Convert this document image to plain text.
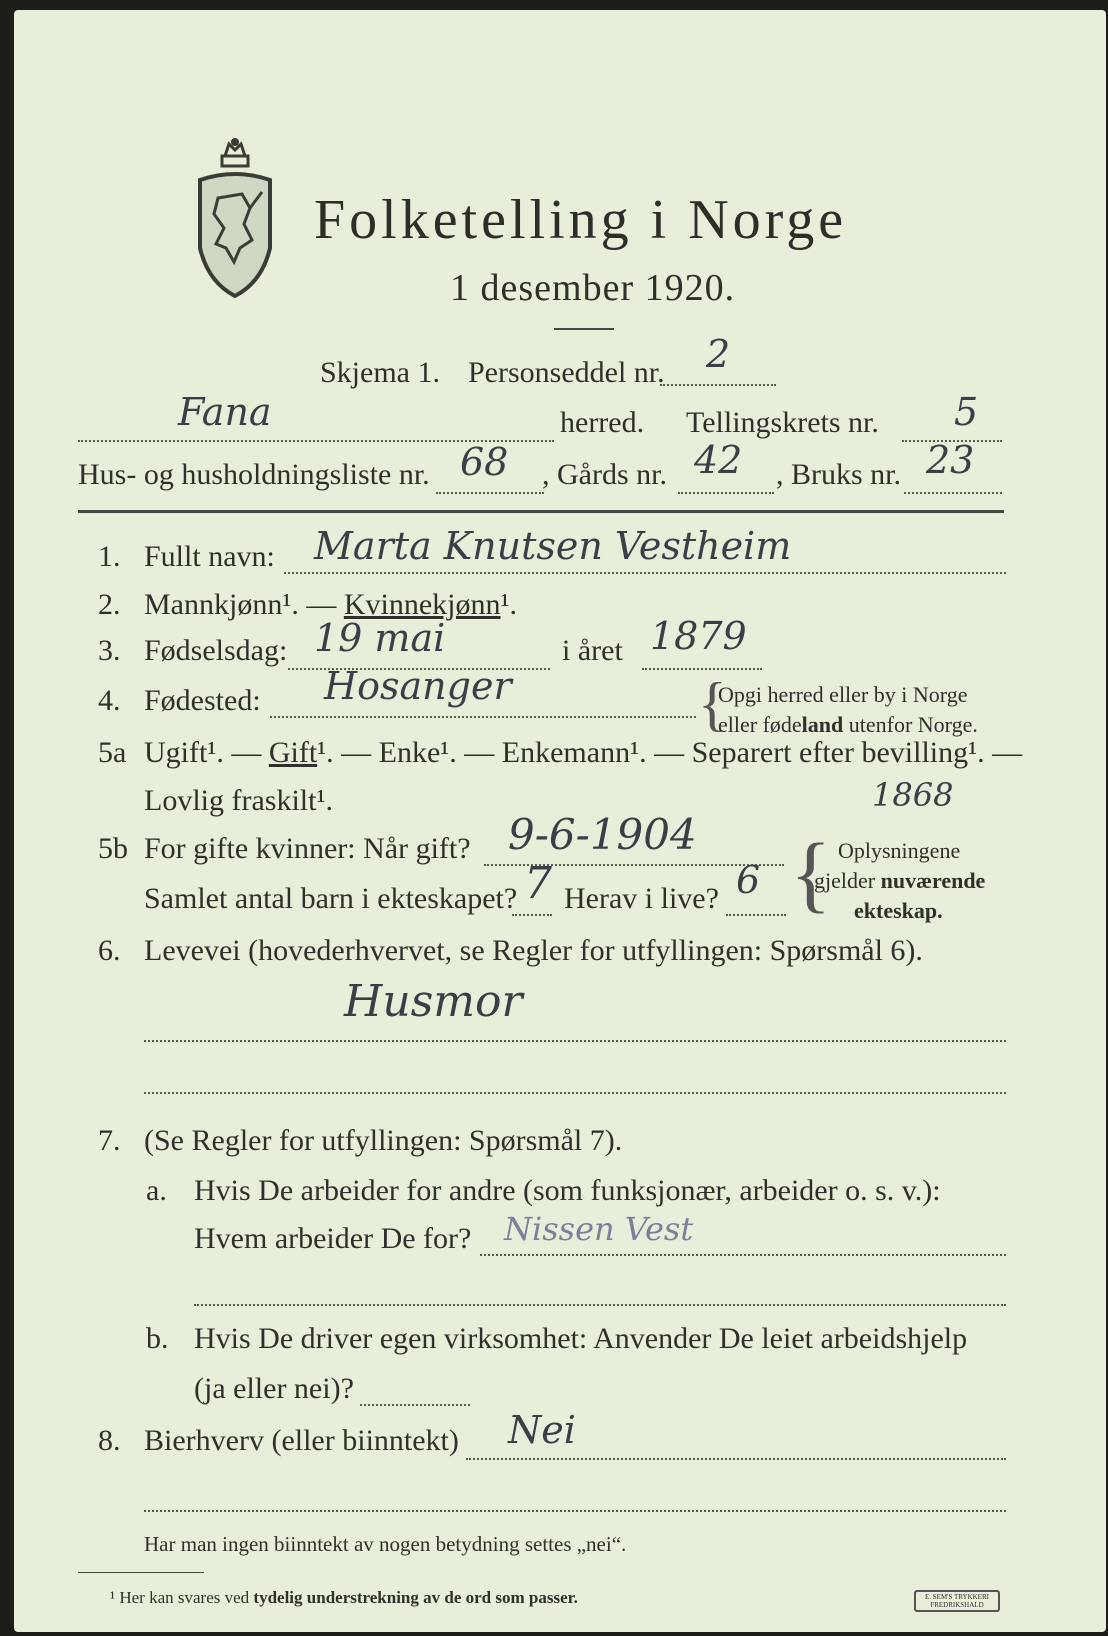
Folketelling i Norge
1 desember 1920.
Skjema 1. Personseddel nr. 2
Fana	herred. Tellingskrets nr. 5
Hus- og husholdningsliste nr. 68 , Gårds nr. 42 , Bruks nr. 23
1. Fullt navn: Marta Knutsen Vestheim
2. Mannkjønn¹. — Kvinnekjønn¹.
3. Fødselsdag: 19 mai	i året 1879
4. Fødested: Hosanger	{
Opgi herred eller by i Norge
eller fødeland utenfor Norge.
5a Ugift¹. — Gift¹. — Enke¹. — Enkemann¹. — Separert efter bevilling¹. —
Lovlig fraskilt¹.	1868
5b For gifte kvinner: Når gift? 9-6-1904
Samlet antal barn i ekteskapet? 7 Herav i live? 6 { Oplysningene
gjelder nuværende
ekteskap.
6. Levevei (hovederhvervet, se Regler for utfyllingen: Spørsmål 6).
Husmor
7. (Se Regler for utfyllingen: Spørsmål 7).
a. Hvis De arbeider for andre (som funksjonær, arbeider o. s. v.):
Hvem arbeider De for? Nissen Vest
b. Hvis De driver egen virksomhet: Anvender De leiet arbeidshjelp
(ja eller nei)?
8. Bierhverv (eller biinntekt) Nei
Har man ingen biinntekt av nogen betydning settes „nei“.
¹ Her kan svares ved tydelig understrekning av de ord som passer.	E. SEM'S TRYKKERI FREDRIKSHALD
